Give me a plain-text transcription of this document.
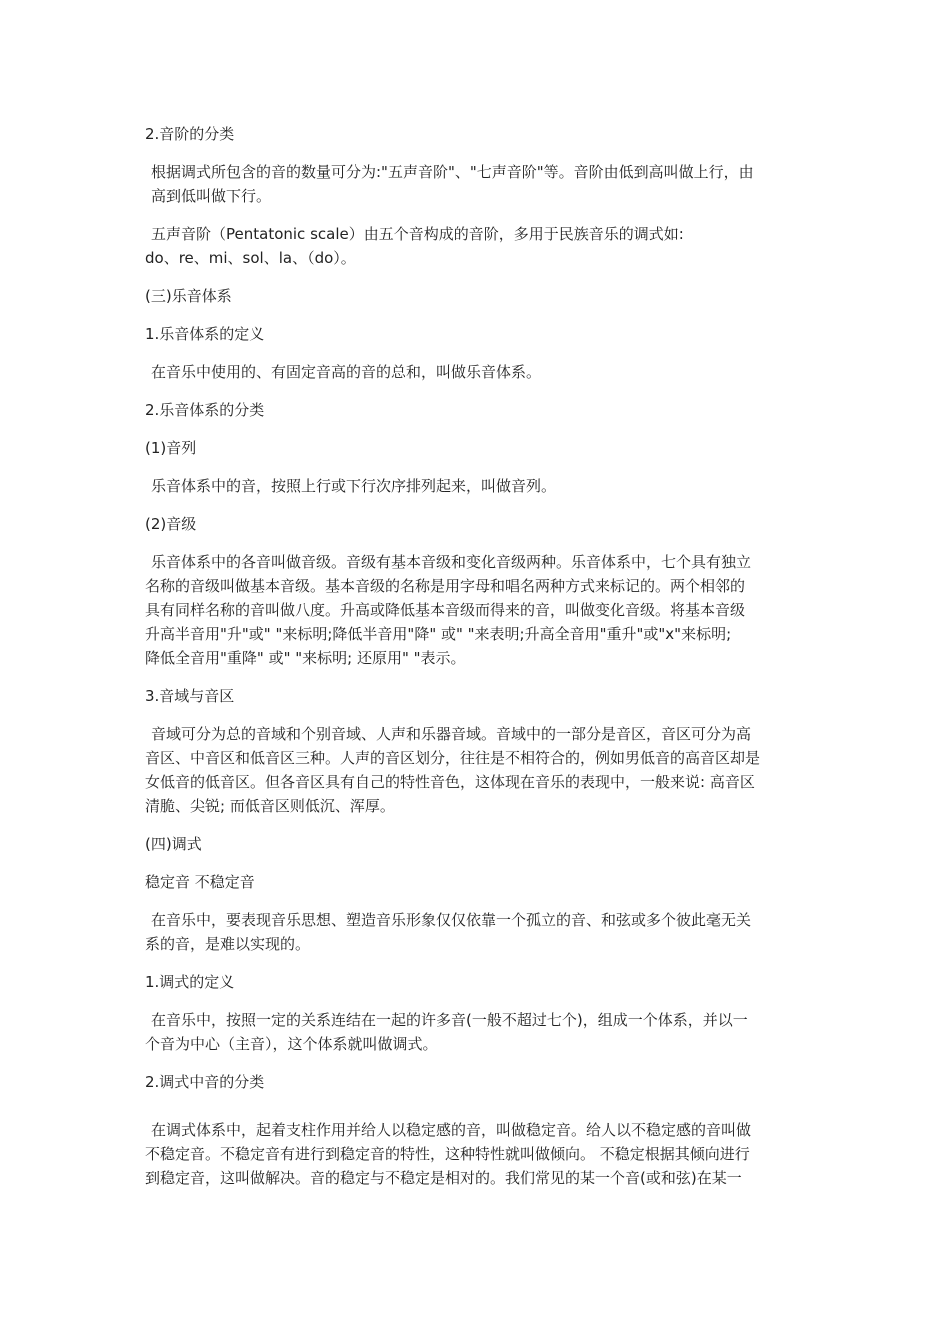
2.音阶的分类
根据调式所包含的音的数量可分为:"五声音阶"、"七声音阶"等。音阶由低到高叫做上行，由
高到低叫做下行。
五声音阶（Pentatonic scale）由五个音构成的音阶，多用于民族音乐的调式如:
do、re、mi、sol、la、（do）。
(三)乐音体系
1.乐音体系的定义
在音乐中使用的、有固定音高的音的总和，叫做乐音体系。
2.乐音体系的分类
(1)音列
乐音体系中的音，按照上行或下行次序排列起来，叫做音列。
(2)音级
乐音体系中的各音叫做音级。音级有基本音级和变化音级两种。乐音体系中，七个具有独立
名称的音级叫做基本音级。基本音级的名称是用字母和唱名两种方式来标记的。两个相邻的
具有同样名称的音叫做八度。升高或降低基本音级而得来的音，叫做变化音级。将基本音级
升高半音用"升"或" "来标明;降低半音用"降" 或" "来表明;升高全音用"重升"或"x"来标明;
降低全音用"重降" 或" "来标明; 还原用" "表示。
3.音域与音区
音域可分为总的音域和个别音域、人声和乐器音域。音域中的一部分是音区，音区可分为高
音区、中音区和低音区三种。人声的音区划分，往往是不相符合的，例如男低音的高音区却是
女低音的低音区。但各音区具有自己的特性音色，这体现在音乐的表现中，一般来说: 高音区
清脆、尖锐; 而低音区则低沉、浑厚。
(四)调式
稳定音 不稳定音
在音乐中，要表现音乐思想、塑造音乐形象仅仅依靠一个孤立的音、和弦或多个彼此毫无关
系的音，是难以实现的。
1.调式的定义
在音乐中，按照一定的关系连结在一起的许多音(一般不超过七个)，组成一个体系，并以一
个音为中心（主音），这个体系就叫做调式。
2.调式中音的分类
在调式体系中，起着支柱作用并给人以稳定感的音，叫做稳定音。给人以不稳定感的音叫做
不稳定音。不稳定音有进行到稳定音的特性，这种特性就叫做倾向。 不稳定根据其倾向进行
到稳定音，这叫做解决。音的稳定与不稳定是相对的。我们常见的某一个音(或和弦)在某一
